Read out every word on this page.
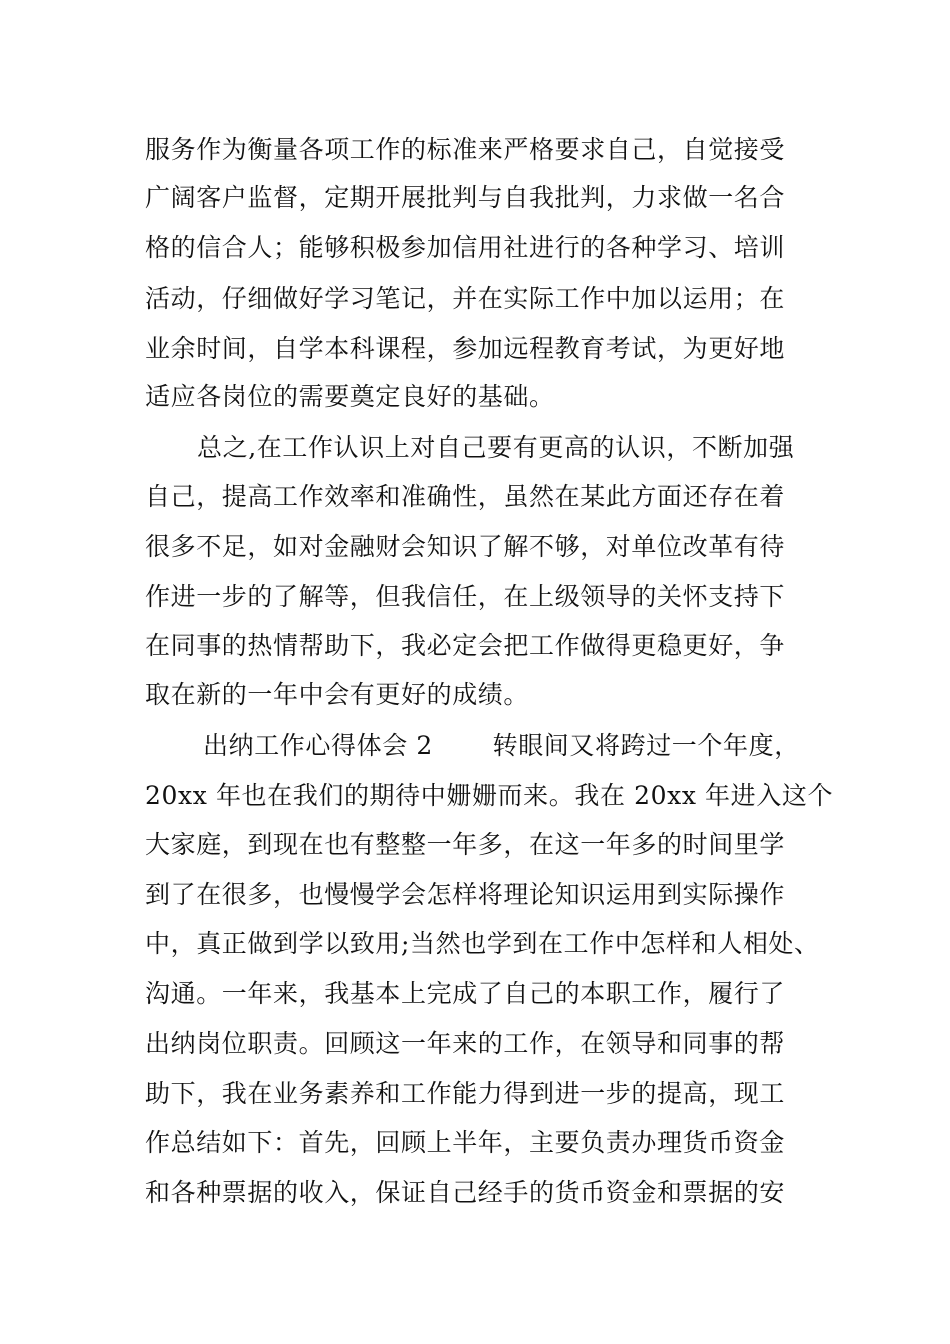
服务作为衡量各项工作的标准来严格要求自己，自觉接受
广阔客户监督，定期开展批判与自我批判，力求做一名合
格的信合人；能够积极参加信用社进行的各种学习、培训
活动，仔细做好学习笔记，并在实际工作中加以运用；在
业余时间，自学本科课程，参加远程教育考试，为更好地
适应各岗位的需要奠定良好的基础。
总之,在工作认识上对自己要有更高的认识，不断加强
自己，提高工作效率和准确性，虽然在某此方面还存在着
很多不足，如对金融财会知识了解不够，对单位改革有待
作进一步的了解等，但我信任，在上级领导的关怀支持下
在同事的热情帮助下，我必定会把工作做得更稳更好，争
取在新的一年中会有更好的成绩。
出纳工作心得体会 2 　　转眼间又将跨过一个年度，
20xx 年也在我们的期待中姗姗而来。我在 20xx 年进入这个
大家庭，到现在也有整整一年多，在这一年多的时间里学
到了在很多，也慢慢学会怎样将理论知识运用到实际操作
中，真正做到学以致用;当然也学到在工作中怎样和人相处、
沟通。一年来，我基本上完成了自己的本职工作，履行了
出纳岗位职责。回顾这一年来的工作，在领导和同事的帮
助下，我在业务素养和工作能力得到进一步的提高，现工
作总结如下：首先，回顾上半年，主要负责办理货币资金
和各种票据的收入，保证自己经手的货币资金和票据的安
